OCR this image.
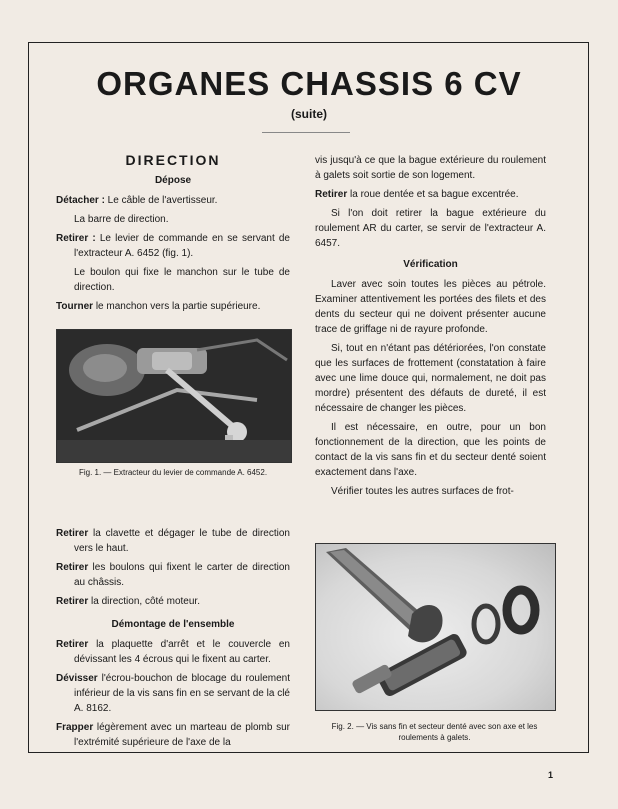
ORGANES CHASSIS 6 CV
(suite)
DIRECTION
Dépose

Détacher : Le câble de l'avertisseur.

La barre de direction.

Retirer : Le levier de commande en se servant de l'extracteur A. 6452 (fig. 1).

Le boulon qui fixe le manchon sur le tube de direction.

Tourner le manchon vers la partie supérieure.

Retirer la clavette et dégager le tube de direction vers le haut.

Retirer les boulons qui fixent le carter de direction au châssis.

Retirer la direction, côté moteur.

Démontage de l'ensemble

Retirer la plaquette d'arrêt et le couvercle en dévissant les 4 écrous qui le fixent au carter.

Dévisser l'écrou-bouchon de blocage du roulement inférieur de la vis sans fin en se servant de la clé A. 8162.

Frapper légèrement avec un marteau de plomb sur l'extrémité supérieure de l'axe de la

vis jusqu'à ce que la bague extérieure du roulement à galets soit sortie de son logement.

Retirer la roue dentée et sa bague excentrée.

Si l'on doit retirer la bague extérieure du roulement AR du carter, se servir de l'extracteur A. 6457.

Vérification

Laver avec soin toutes les pièces au pétrole. Examiner attentivement les portées des filets et des dents du secteur qui ne doivent présenter aucune trace de griffage ni de rayure profonde.

Si, tout en n'étant pas détériorées, l'on constate que les surfaces de frottement (constatation à faire avec une lime douce qui, normalement, ne doit pas mordre) présentent des défauts de dureté, il est nécessaire de changer les pièces.

Il est nécessaire, en outre, pour un bon fonctionnement de la direction, que les points de contact de la vis sans fin et du secteur denté soient exactement dans l'axe.

Vérifier toutes les autres surfaces de frot-

Fig. 1. — Extracteur du levier de commande A. 6452.
Fig. 2. — Vis sans fin et secteur denté avec son axe et les roulements à galets.
1
